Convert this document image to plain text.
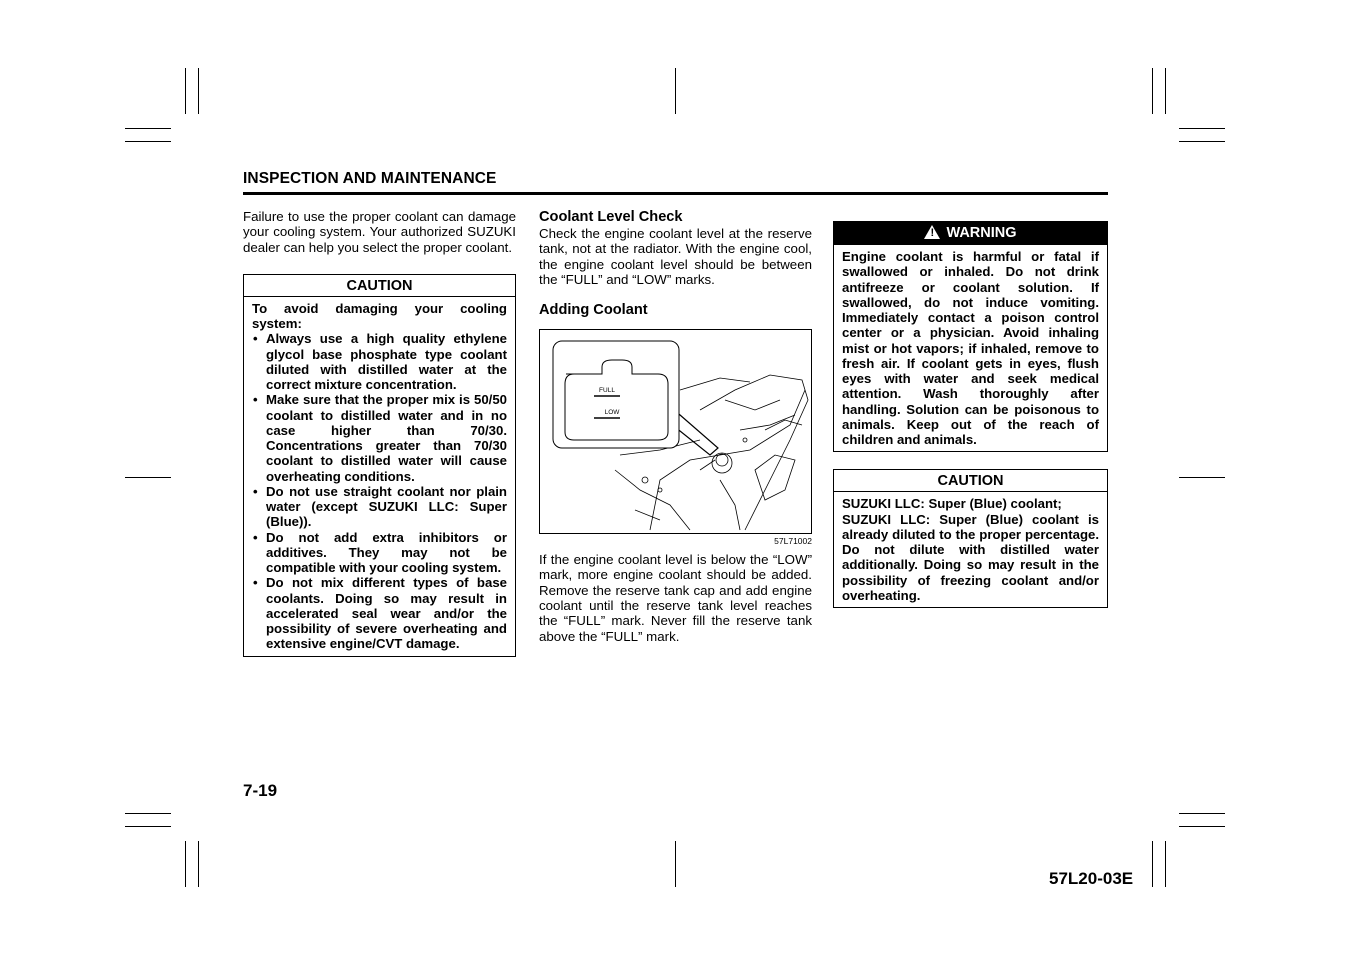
INSPECTION AND MAINTENANCE

Failure to use the proper coolant can damage your cooling system. Your authorized SUZUKI dealer can help you select the proper coolant.

CAUTION
To avoid damaging your cooling system:
• Always use a high quality ethylene glycol base phosphate type coolant diluted with distilled water at the correct mixture concentration.
• Make sure that the proper mix is 50/50 coolant to distilled water and in no case higher than 70/30. Concentrations greater than 70/30 coolant to distilled water will cause overheating conditions.
• Do not use straight coolant nor plain water (except SUZUKI LLC: Super (Blue)).
• Do not add extra inhibitors or additives. They may not be compatible with your cooling system.
• Do not mix different types of base coolants. Doing so may result in accelerated seal wear and/or the possibility of severe overheating and extensive engine/CVT damage.
Coolant Level Check

Check the engine coolant level at the reserve tank, not at the radiator. With the engine cool, the engine coolant level should be between the “FULL” and “LOW” marks.

Adding Coolant
FULL
LOW
57L71002

If the engine coolant level is below the “LOW” mark, more engine coolant should be added. Remove the reserve tank cap and add engine coolant until the reserve tank level reaches the “FULL” mark. Never fill the reserve tank above the “FULL” mark.

! WARNING
Engine coolant is harmful or fatal if swallowed or inhaled. Do not drink antifreeze or coolant solution. If swallowed, do not induce vomiting. Immediately contact a poison control center or a physician. Avoid inhaling mist or hot vapors; if inhaled, remove to fresh air. If coolant gets in eyes, flush eyes with water and seek medical attention. Wash thoroughly after handling. Solution can be poisonous to animals. Keep out of the reach of children and animals.
CAUTION
SUZUKI LLC: Super (Blue) coolant;
SUZUKI LLC: Super (Blue) coolant is already diluted to the proper percentage. Do not dilute with distilled water additionally. Doing so may result in the possibility of freezing coolant and/or overheating.
7-19
57L20-03E
